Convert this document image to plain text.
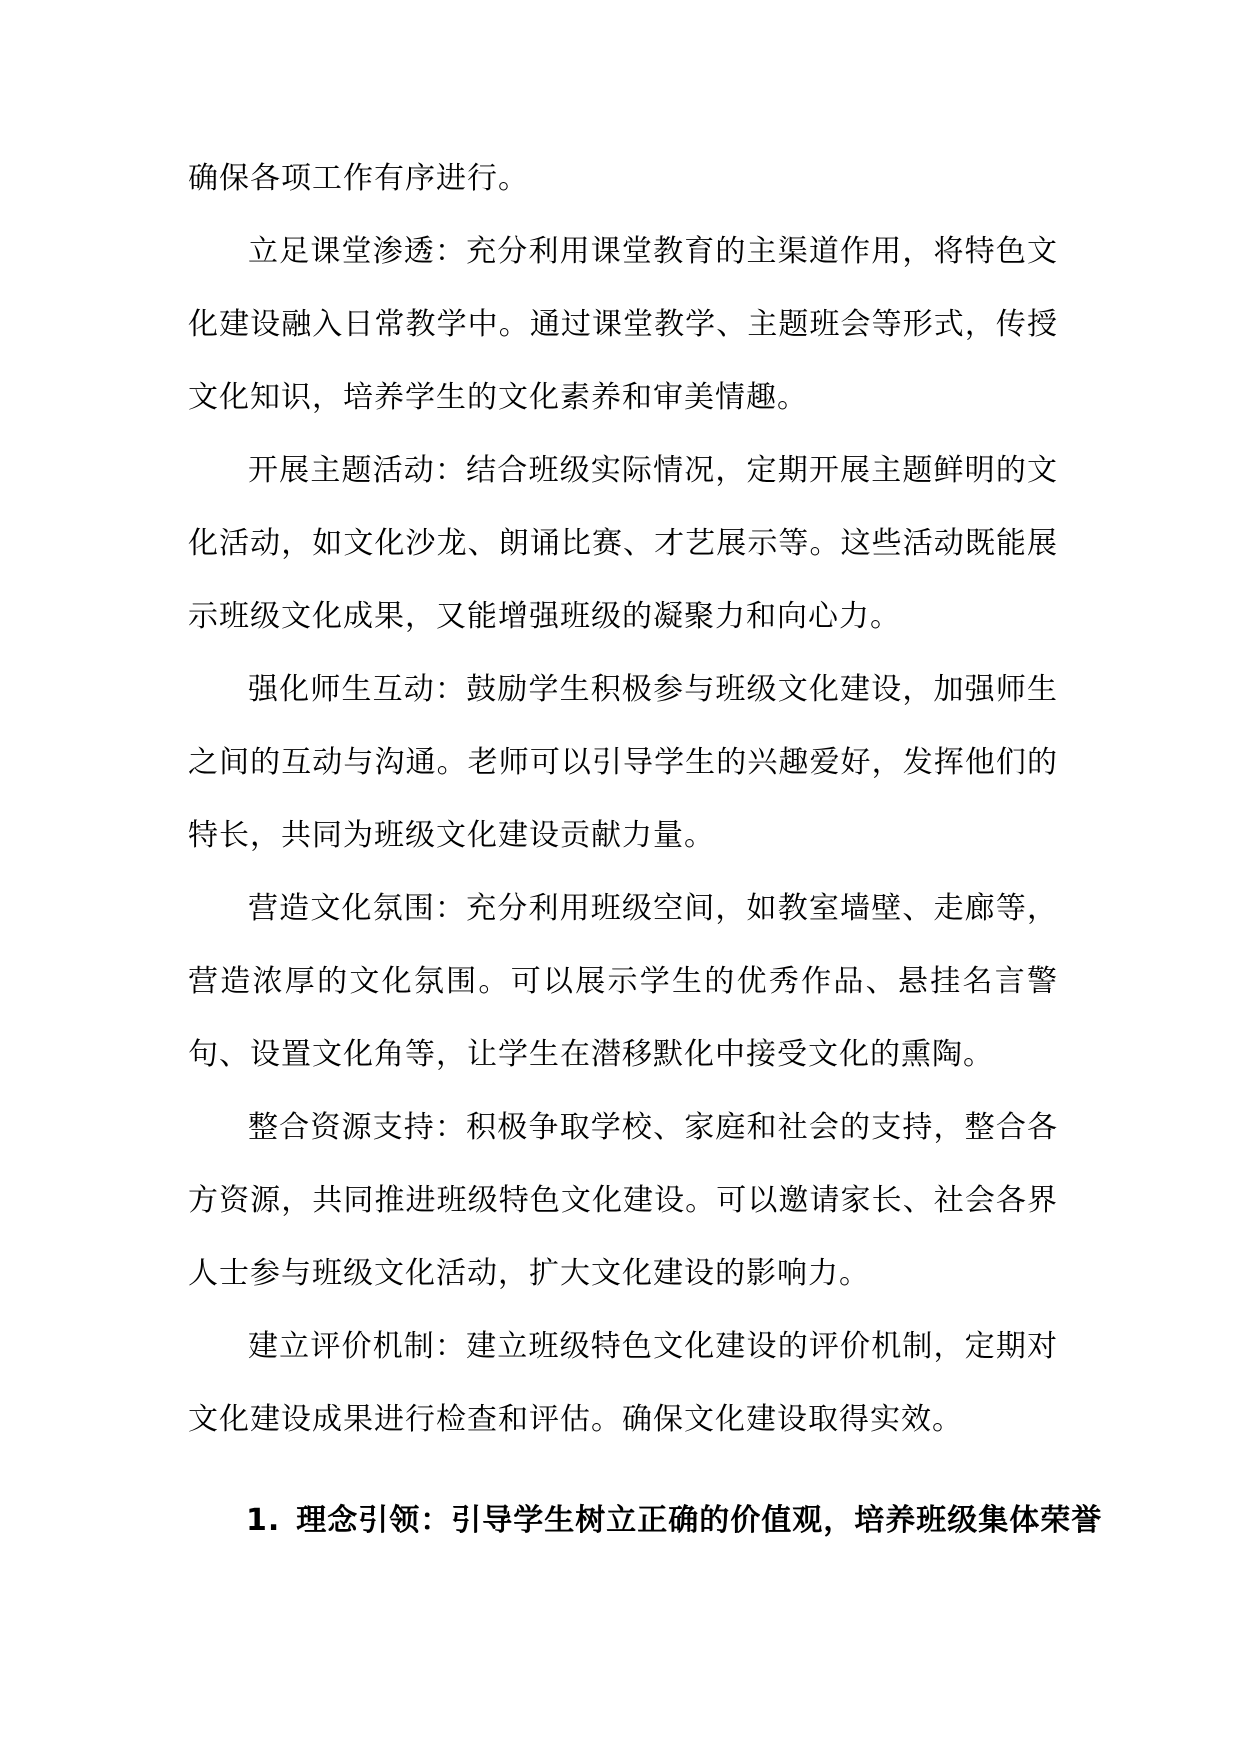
确保各项工作有序进行。

立足课堂渗透：充分利用课堂教育的主渠道作用，将特色文化建设融入日常教学中。通过课堂教学、主题班会等形式，传授文化知识，培养学生的文化素养和审美情趣。

开展主题活动：结合班级实际情况，定期开展主题鲜明的文化活动，如文化沙龙、朗诵比赛、才艺展示等。这些活动既能展示班级文化成果，又能增强班级的凝聚力和向心力。

强化师生互动：鼓励学生积极参与班级文化建设，加强师生之间的互动与沟通。老师可以引导学生的兴趣爱好，发挥他们的特长，共同为班级文化建设贡献力量。

营造文化氛围：充分利用班级空间，如教室墙壁、走廊等，营造浓厚的文化氛围。可以展示学生的优秀作品、悬挂名言警句、设置文化角等，让学生在潜移默化中接受文化的熏陶。

整合资源支持：积极争取学校、家庭和社会的支持，整合各方资源，共同推进班级特色文化建设。可以邀请家长、社会各界人士参与班级文化活动，扩大文化建设的影响力。

建立评价机制：建立班级特色文化建设的评价机制，定期对文化建设成果进行检查和评估。确保文化建设取得实效。

1. 理念引领：引导学生树立正确的价值观，培养班级集体荣誉
